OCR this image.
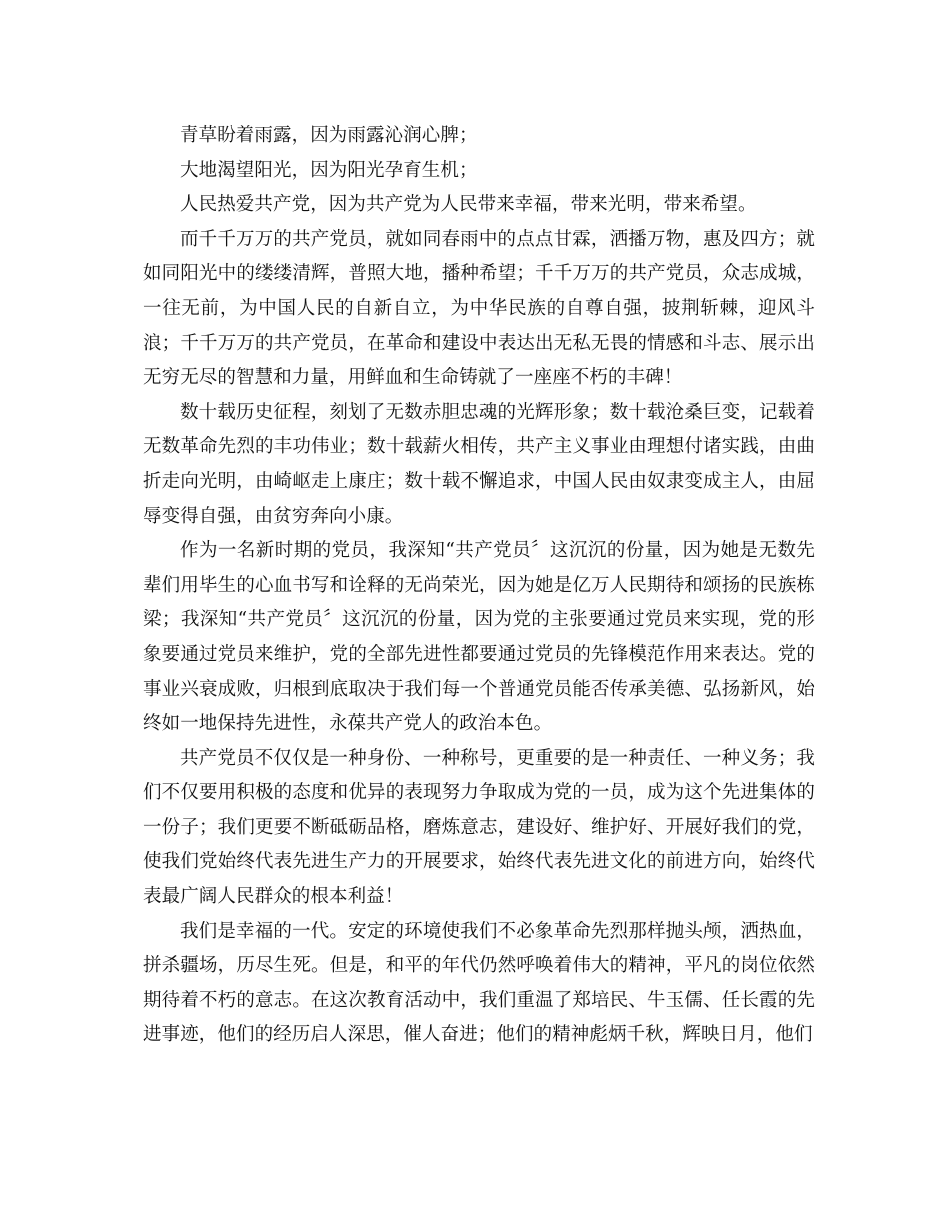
青草盼着雨露，因为雨露沁润心脾；

大地渴望阳光，因为阳光孕育生机；

人民热爱共产党，因为共产党为人民带来幸福，带来光明，带来希望。

而千千万万的共产党员，就如同春雨中的点点甘霖，洒播万物，惠及四方；就如同阳光中的缕缕清辉，普照大地，播种希望；千千万万的共产党员，众志成城，一往无前，为中国人民的自新自立，为中华民族的自尊自强，披荆斩棘，迎风斗浪；千千万万的共产党员，在革命和建设中表达出无私无畏的情感和斗志、展示出无穷无尽的智慧和力量，用鲜血和生命铸就了一座座不朽的丰碑！

数十载历史征程，刻划了无数赤胆忠魂的光辉形象；数十载沧桑巨变，记载着无数革命先烈的丰功伟业；数十载薪火相传，共产主义事业由理想付诸实践，由曲折走向光明，由崎岖走上康庄；数十载不懈追求，中国人民由奴隶变成主人，由屈辱变得自强，由贫穷奔向小康。

作为一名新时期的党员，我深知“共产党员〞这沉沉的份量，因为她是无数先辈们用毕生的心血书写和诠释的无尚荣光，因为她是亿万人民期待和颂扬的民族栋梁；我深知“共产党员〞这沉沉的份量，因为党的主张要通过党员来实现，党的形象要通过党员来维护，党的全部先进性都要通过党员的先锋模范作用来表达。党的事业兴衰成败，归根到底取决于我们每一个普通党员能否传承美德、弘扬新风，始终如一地保持先进性，永葆共产党人的政治本色。

共产党员不仅仅是一种身份、一种称号，更重要的是一种责任、一种义务；我们不仅要用积极的态度和优异的表现努力争取成为党的一员，成为这个先进集体的一份子；我们更要不断砥砺品格，磨炼意志，建设好、维护好、开展好我们的党，使我们党始终代表先进生产力的开展要求，始终代表先进文化的前进方向，始终代表最广阔人民群众的根本利益！

我们是幸福的一代。安定的环境使我们不必象革命先烈那样抛头颅，洒热血，拼杀疆场，历尽生死。但是，和平的年代仍然呼唤着伟大的精神，平凡的岗位依然期待着不朽的意志。在这次教育活动中，我们重温了郑培民、牛玉儒、任长霞的先进事迹，他们的经历启人深思，催人奋进；他们的精神彪炳千秋，辉映日月，他们
